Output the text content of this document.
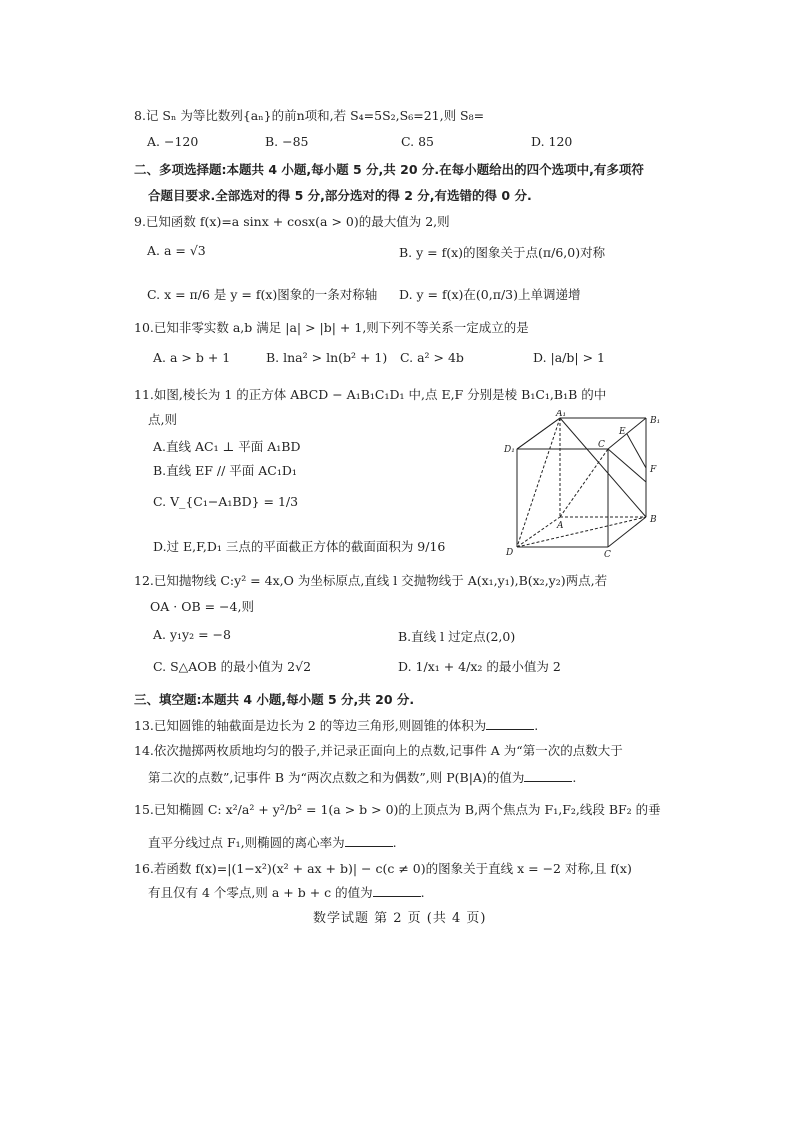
8.记 Sₙ 为等比数列{aₙ}的前n项和,若 S₄=5S₂,S₆=21,则 S₈=
A. −120	B. −85	C. 85	D. 120
二、多项选择题:本题共 4 小题,每小题 5 分,共 20 分.在每小题给出的四个选项中,有多项符
合题目要求.全部选对的得 5 分,部分选对的得 2 分,有选错的得 0 分.
9.已知函数 f(x)=a sinx + cosx(a > 0)的最大值为 2,则
A. a = √3	B. y = f(x)的图象关于点(π/6,0)对称
C. x = π/6 是 y = f(x)图象的一条对称轴 D. y = f(x)在(0,π/3)上单调递增
10.已知非零实数 a,b 满足 |a| > |b| + 1,则下列不等关系一定成立的是
A. a > b + 1	B. lna² > ln(b² + 1) C. a² > 4b	D. |a/b| > 1
11.如图,棱长为 1 的正方体 ABCD − A₁B₁C₁D₁ 中,点 E,F 分别是棱 B₁C₁,B₁B 的中
点,则
A.直线 AC₁ ⊥ 平面 A₁BD
B.直线 EF // 平面 AC₁D₁
C. V_{C₁−A₁BD} = 1/3
D.过 E,F,D₁ 三点的平面截正方体的截面面积为 9/16
A₁
B₁
D₁	C
E
F
A
B
D	C
12.已知抛物线 C:y² = 4x,O 为坐标原点,直线 l 交抛物线于 A(x₁,y₁),B(x₂,y₂)两点,若
OA · OB = −4,则
A. y₁y₂ = −8	B.直线 l 过定点(2,0)
C. S△AOB 的最小值为 2√2	D. 1/x₁ + 4/x₂ 的最小值为 2
三、填空题:本题共 4 小题,每小题 5 分,共 20 分.
13.已知圆锥的轴截面是边长为 2 的等边三角形,则圆锥的体积为	.
14.依次抛掷两枚质地均匀的骰子,并记录正面向上的点数,记事件 A 为“第一次的点数大于
第二次的点数”,记事件 B 为“两次点数之和为偶数”,则 P(B|A)的值为	.
15.已知椭圆 C: x²/a² + y²/b² = 1(a > b > 0)的上顶点为 B,两个焦点为 F₁,F₂,线段 BF₂ 的垂
直平分线过点 F₁,则椭圆的离心率为	.
16.若函数 f(x)=|(1−x²)(x² + ax + b)| − c(c ≠ 0)的图象关于直线 x = −2 对称,且 f(x)
有且仅有 4 个零点,则 a + b + c 的值为	.
数学试题 第 2 页 (共 4 页)
